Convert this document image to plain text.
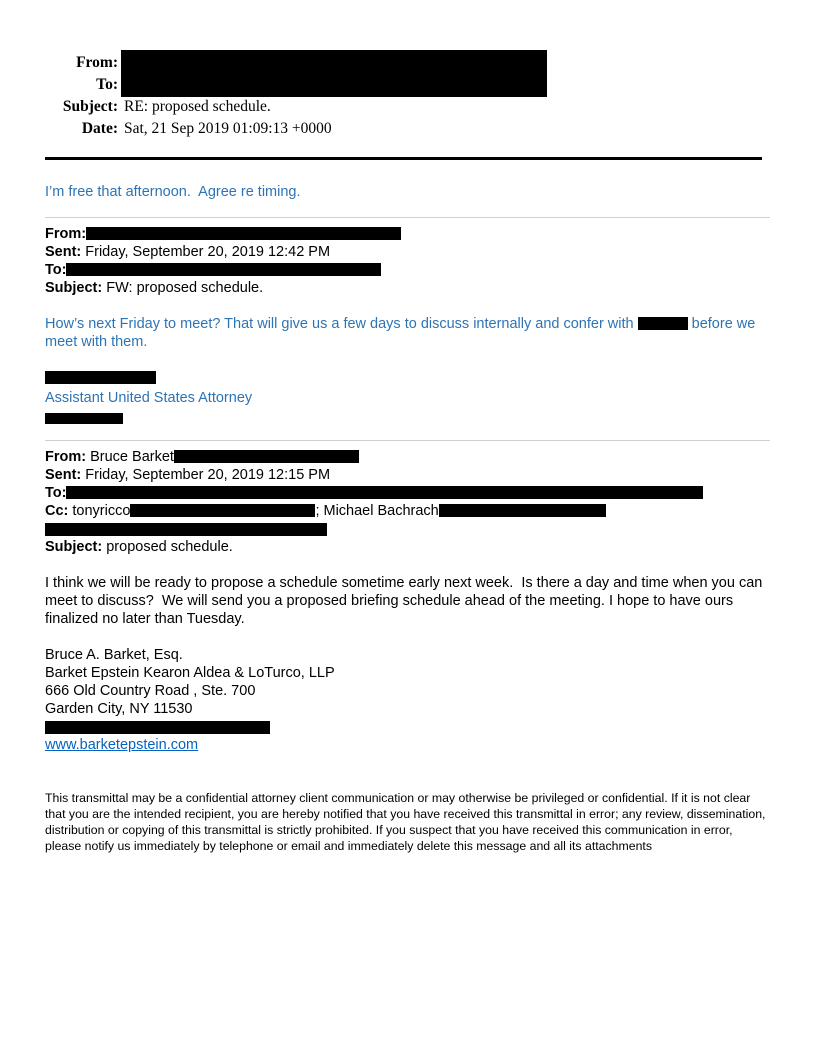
From:
To:
Subject: RE: proposed schedule.
Date: Sat, 21 Sep 2019 01:09:13 +0000

I’m free that afternoon.  Agree re timing.

From:

Sent: Friday, September 20, 2019 12:42 PM

To:

Subject: FW: proposed schedule.

How’s next Friday to meet? That will give us a few days to discuss internally and confer with	before we meet with them.

Assistant United States Attorney

From: Bruce Barket

Sent: Friday, September 20, 2019 12:15 PM

To:

Cc: tonyricco	; Michael Bachrach

Subject: proposed schedule.

I think we will be ready to propose a schedule sometime early next week.  Is there a day and time when you can meet to discuss?  We will send you a proposed briefing schedule ahead of the meeting. I hope to have ours finalized no later than Tuesday.

Bruce A. Barket, Esq.
Barket Epstein Kearon Aldea & LoTurco, LLP
666 Old Country Road , Ste. 700
Garden City, NY 11530
www.barketepstein.com

This transmittal may be a confidential attorney client communication or may otherwise be privileged or confidential. If it is not clear that you are the intended recipient, you are hereby notified that you have received this transmittal in error; any review, dissemination, distribution or copying of this transmittal is strictly prohibited. If you suspect that you have received this communication in error, please notify us immediately by telephone or email and immediately delete this message and all its attachments
